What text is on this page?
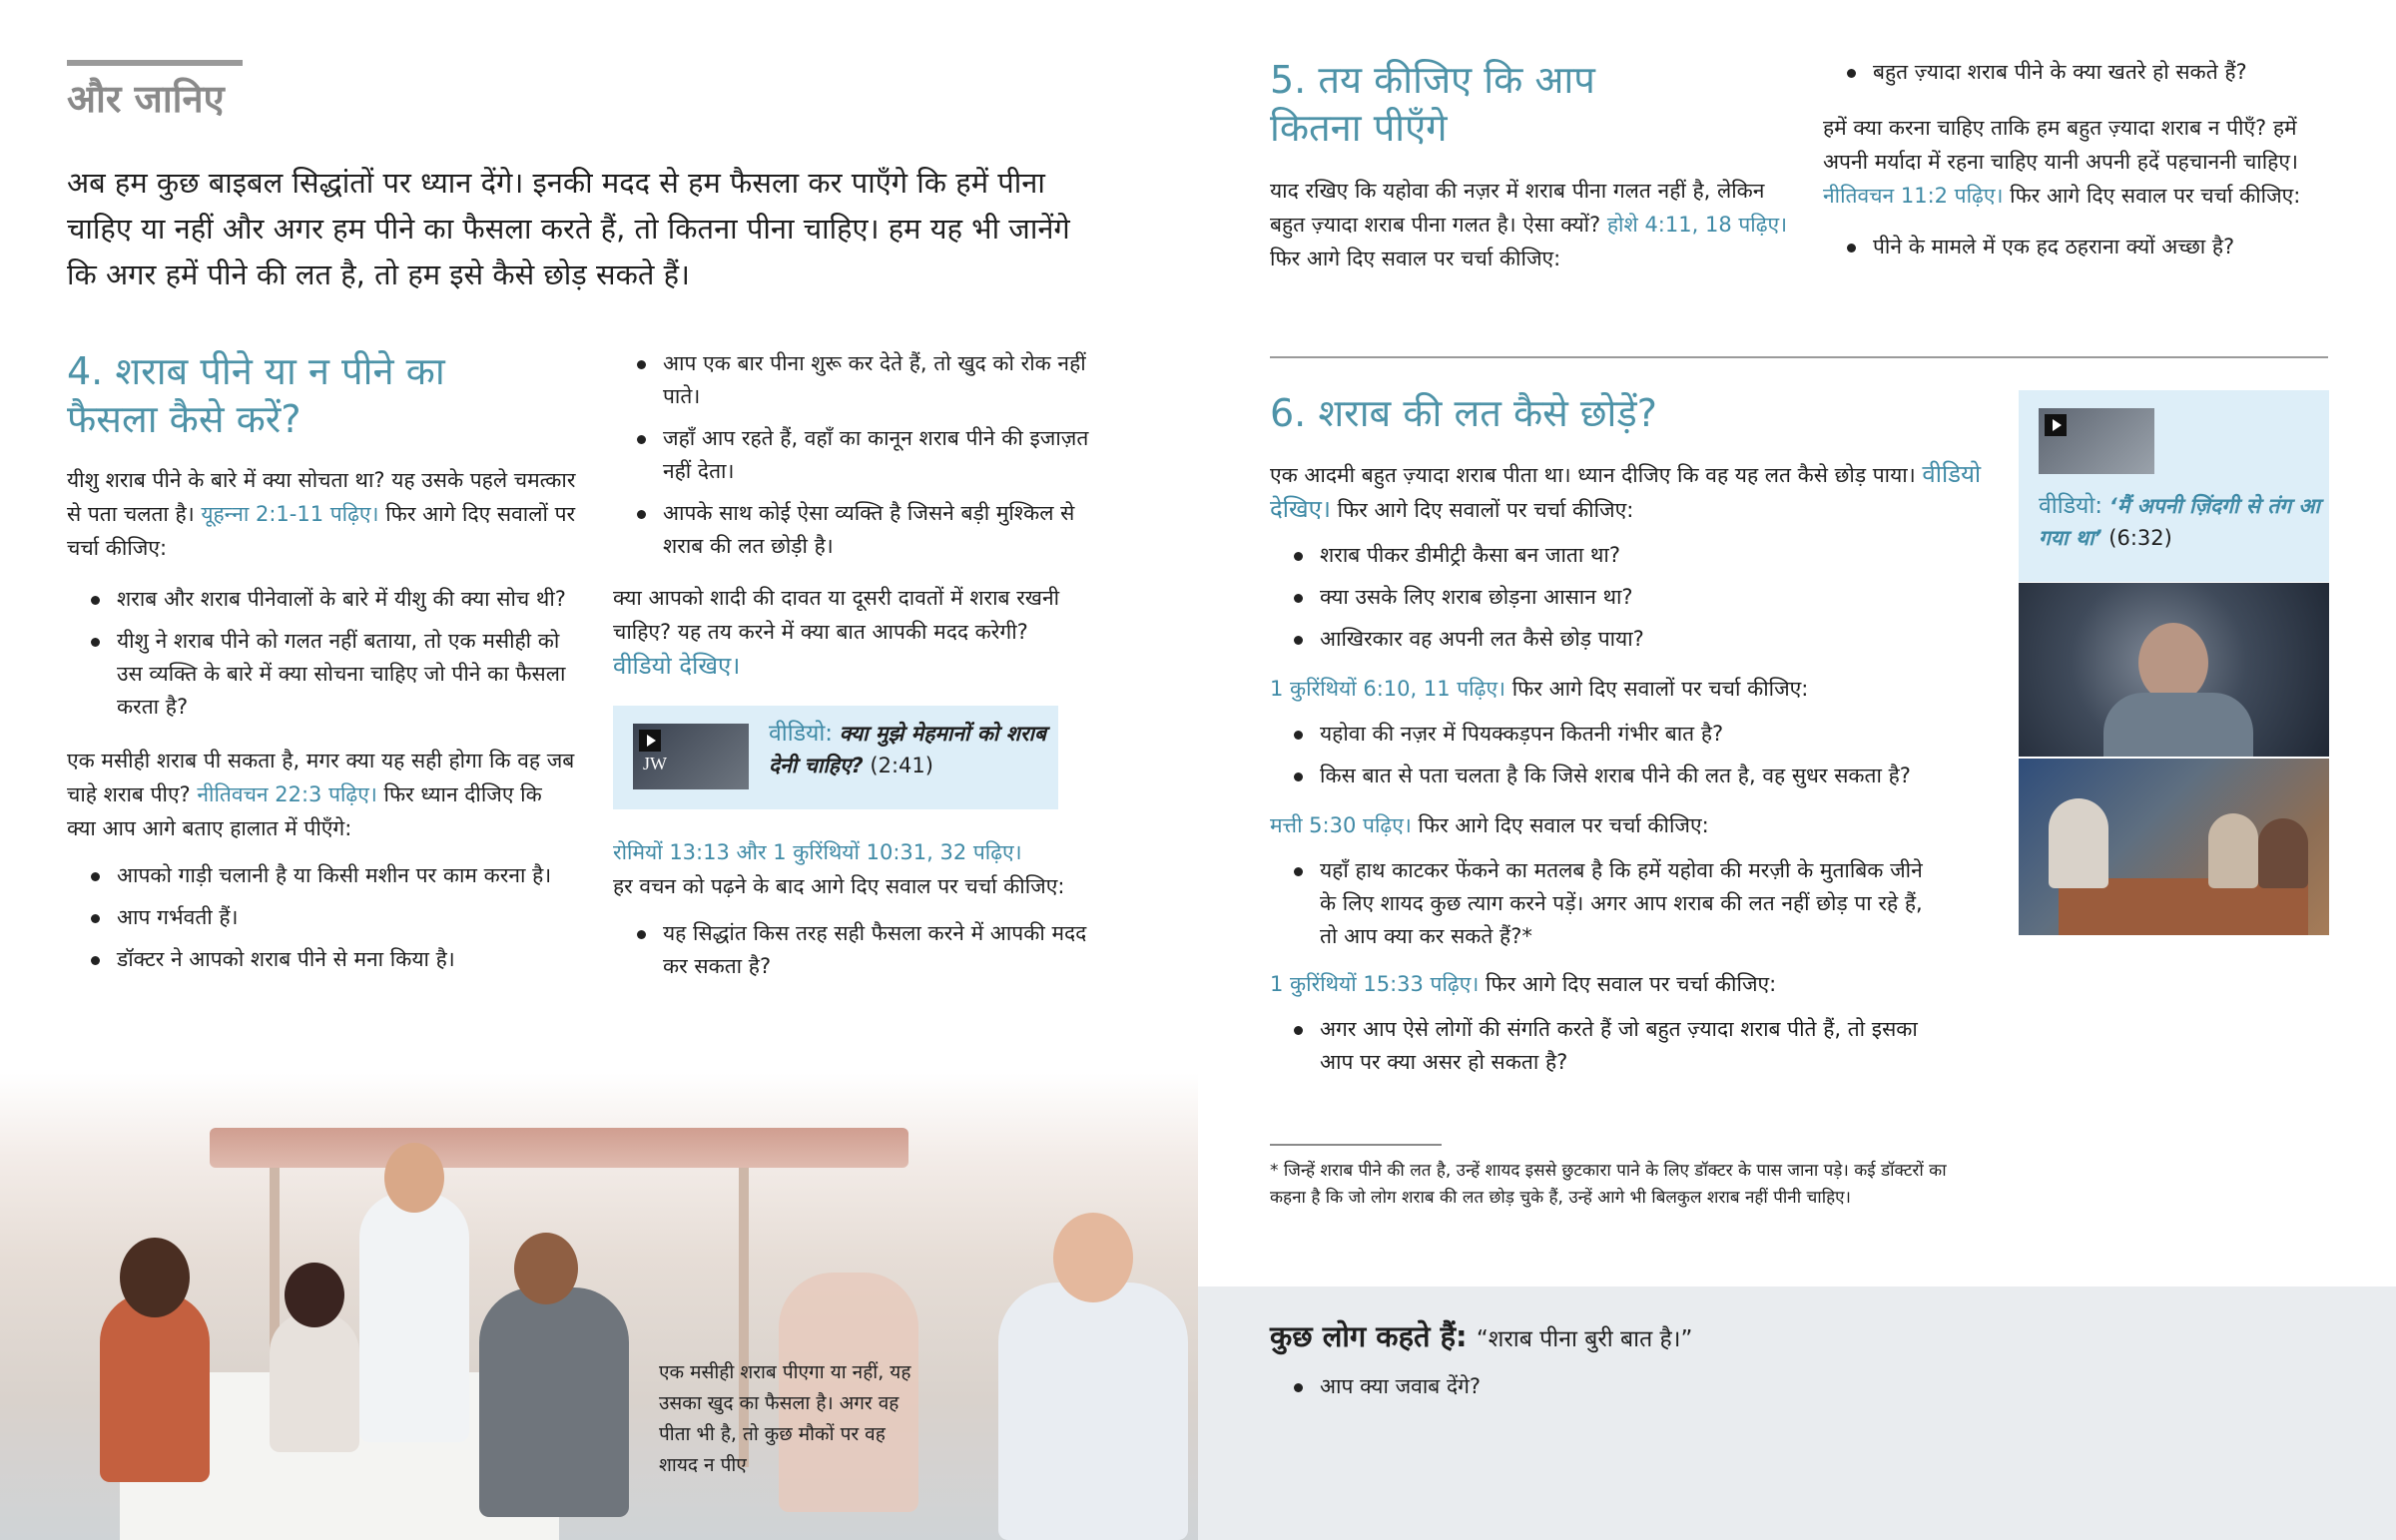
और जानिए

अब हम कुछ बाइबल सिद्धांतों पर ध्यान देंगे। इनकी मदद से हम फैसला कर पाएँगे कि हमें पीना चाहिए या नहीं और अगर हम पीने का फैसला करते हैं, तो कितना पीना चाहिए। हम यह भी जानेंगे कि अगर हमें पीने की लत है, तो हम इसे कैसे छोड़ सकते हैं।

4. शराब पीने या न पीने का फैसला कैसे करें?

यीशु शराब पीने के बारे में क्या सोचता था? यह उसके पहले चमत्कार से पता चलता है। यूहन्‍ना 2:1-11 पढ़िए। फिर आगे दिए सवालों पर चर्चा कीजिए:

शराब और शराब पीनेवालों के बारे में यीशु की क्या सोच थी?
यीशु ने शराब पीने को गलत नहीं बताया, तो एक मसीही को उस व्यक्ति के बारे में क्या सोचना चाहिए जो पीने का फैसला करता है?

एक मसीही शराब पी सकता है, मगर क्या यह सही होगा कि वह जब चाहे शराब पीए? नीतिवचन 22:3 पढ़िए। फिर ध्यान दीजिए कि क्या आप आगे बताए हालात में पीएँगे:

आपको गाड़ी चलानी है या किसी मशीन पर काम करना है।
आप गर्भवती हैं।
डॉक्टर ने आपको शराब पीने से मना किया है।
आप एक बार पीना शुरू कर देते हैं, तो खुद को रोक नहीं पाते।
जहाँ आप रहते हैं, वहाँ का कानून शराब पीने की इजाज़त नहीं देता।
आपके साथ कोई ऐसा व्यक्‍ति है जिसने बड़ी मुश्‍किल से शराब की लत छोड़ी है।

क्या आपको शादी की दावत या दूसरी दावतों में शराब रखनी चाहिए? यह तय करने में क्या बात आपकी मदद करेगी? वीडियो देखिए।

JW
वीडियो: क्या मुझे मेहमानों को शराब देनी चाहिए? (2:41)

रोमियों 13:13 और 1 कुरिंथियों 10:31, 32 पढ़िए।
हर वचन को पढ़ने के बाद आगे दिए सवाल पर चर्चा कीजिए:

यह सिद्धांत किस तरह सही फैसला करने में आपकी मदद कर सकता है?
एक मसीही शराब पीएगा या नहीं, यह उसका खुद का फैसला है। अगर वह पीता भी है, तो कुछ मौकों पर वह शायद न पीए
5. तय कीजिए कि आप कितना पीएँगे

याद रखिए कि यहोवा की नज़र में शराब पीना गलत नहीं है, लेकिन बहुत ज़्यादा शराब पीना गलत है। ऐसा क्यों? होशे 4:11, 18 पढ़िए। फिर आगे दिए सवाल पर चर्चा कीजिए:

बहुत ज़्यादा शराब पीने के क्या खतरे हो सकते हैं?

हमें क्या करना चाहिए ताकि हम बहुत ज़्यादा शराब न पीएँ? हमें अपनी मर्यादा में रहना चाहिए यानी अपनी हदें पहचाननी चाहिए। नीतिवचन 11:2 पढ़िए। फिर आगे दिए सवाल पर चर्चा कीजिए:

पीने के मामले में एक हद ठहराना क्यों अच्छा है?
6. शराब की लत कैसे छोड़ें?

एक आदमी बहुत ज़्यादा शराब पीता था। ध्यान दीजिए कि वह यह लत कैसे छोड़ पाया। वीडियो देखिए। फिर आगे दिए सवालों पर चर्चा कीजिए:

शराब पीकर डीमीट्री कैसा बन जाता था?
क्या उसके लिए शराब छोड़ना आसान था?
आखिरकार वह अपनी लत कैसे छोड़ पाया?

1 कुरिंथियों 6:10, 11 पढ़िए। फिर आगे दिए सवालों पर चर्चा कीजिए:

यहोवा की नज़र में पियक्कड़पन कितनी गंभीर बात है?
किस बात से पता चलता है कि जिसे शराब पीने की लत है, वह सुधर सकता है?

मत्ती 5:30 पढ़िए। फिर आगे दिए सवाल पर चर्चा कीजिए:

यहाँ हाथ काटकर फेंकने का मतलब है कि हमें यहोवा की मरज़ी के मुताबिक जीने के लिए शायद कुछ त्याग करने पड़ें। अगर आप शराब की लत नहीं छोड़ पा रहे हैं, तो आप क्या कर सकते हैं?*

1 कुरिंथियों 15:33 पढ़िए। फिर आगे दिए सवाल पर चर्चा कीजिए:

अगर आप ऐसे लोगों की संगति करते हैं जो बहुत ज़्यादा शराब पीते हैं, तो इसका आप पर क्या असर हो सकता है?
* जिन्हें शराब पीने की लत है, उन्हें शायद इससे छुटकारा पाने के लिए डॉक्टर के पास जाना पड़े। कई डॉक्टरों का कहना है कि जो लोग शराब की लत छोड़ चुके हैं, उन्हें आगे भी बिलकुल शराब नहीं पीनी चाहिए।
वीडियो: ‘मैं अपनी ज़िंदगी से तंग आ गया था’ (6:32)
कुछ लोग कहते हैं: “शराब पीना बुरी बात है।”
आप क्या जवाब देंगे?
